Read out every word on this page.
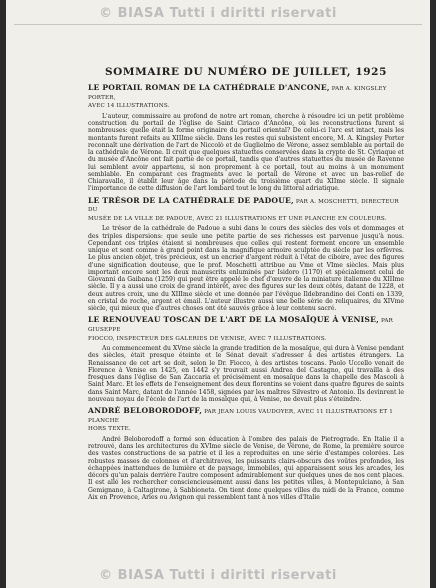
© BIASA Tutti i diritti riservati
SOMMAIRE DU NUMÉRO DE JUILLET, 1925
LE PORTAIL ROMAN DE LA CATHÉDRALE D'ANCONE, PAR A. KINGSLEY PORTER,
AVEC 14 ILLUSTRATIONS.
L'auteur, commissaire au profond de notre art roman, cherche à résoudre ici un petit problème construction du portail de l'église de Saint Ciriaco d'Ancône, où les reconstructions furent si nombreuses: quelle était la forme originaire du portail oriental? De celui-ci l'arc est intact, mais les montants furent refaits au XIIIme siècle. Dans les restes qui subsistent encore, M. A. Kingsley Porter reconnaît une dérivation de l'art de Niccolò et de Guglielmo de Vérone, assez semblable au portail de la cathédrale de Vérone. Il croit que quelques statuettes conservées dans la crypte de St. Cyriaque et du musée d'Ancône ont fait partie de ce portail, tandis que d'autres statuettes du musée de Ravenne lui semblent avoir appartenu, si non proprement à ce portail, tout au moins à un monument semblable. En comparant ces fragments avec le portail de Vérone et avec un bas-relief de Chiaravalle, il établit leur âge dans la période du troisième quart du XIIme siècle. Il signale l'importance de cette diffusion de l'art lombard tout le long du littoral adriatique.
LE TRÉSOR DE LA CATHÉDRALE DE PADOUE, PAR A. MOSCHETTI, DIRECTEUR DU
MUSÉE DE LA VILLE DE PADOUE, AVEC 21 ILLUSTRATIONS ET UNE PLANCHE EN COULEURS.
Le trésor de la cathédrale de Padoue a subi dans le cours des siècles des vols et dommages et des triples dispersions: que seule une petite partie de ses richesses est parvenue jusqu'à nous. Cependant ces triples étaient si nombreuses que celles qui restent forment encore un ensemble unique et sont comme à grand point dans la magnifique armoire sculptée du siècle par les orfèvres. Le plus ancien objet, très précieux, est un encrier d'argent réduit à l'état de ciboire, avec des figures d'une signification douteuse, que le prof. Moschetti attribue au Vme et VIme siècles. Mais plus important encore sont les deux manuscrits enluminés par Isidoro (1170) et spécialement celui de Giovanni da Gaibana (1259) qui peut être appelé le chef d'œuvre de la miniature italienne du XIIIme siècle. Il y a aussi une croix de grand intérêt, avec des figures sur les deux côtés, datant de 1228, et deux autres croix, une du XIIIme siècle et une donnée par l'évêque Ildebrandino dei Conti en 1339, en cristal de roche, argent et émail. L'auteur illustre aussi une belle série de reliquaires, du XIVme siècle, qui mieux que d'autres choses ont été sauvés grâce à leur contenu sacré.
LE RENOUVEAU TOSCAN DE L'ART DE LA MOSAÏQUE À VENISE, PAR GIUSEPPE
FIOCCO, INSPECTEUR DES GALERIES DE VENISE, AVEC 7 ILLUSTRATIONS.
Au commencement du XVme siècle la grande tradition de la mosaïque, qui dura à Venise pendant des siècles, était presque éteinte et le Sénat devait s'adresser à des artistes étrangers. La Renaissance de cet art se doit, selon le Dr. Fiocco, à des artistes toscans. Paolo Uccello venait de Florence à Venise en 1425, en 1442 s'y trouvait aussi Andrea del Castagno, qui travailla à des fresques dans l'église de San Zaccaria et précisément en mosaïque dans la chapelle des Mascoli à Saint Marc. Et les effets de l'enseignement des deux florentins se voient dans quatre figures de saints dans Saint Marc, datant de l'année 1458, signées par les maîtres Silvestro et Antonio. Ils devinrent le nouveau noyau de l'école de l'art de la mosaïque qui, à Venise, ne devait plus s'éteindre.
ANDRÉ BELOBORODOFF, PAR JEAN LOUIS VAUDOYER, AVEC 11 ILLUSTRATIONS ET 1 PLANCHE
HORS TEXTE.
André Beloborodoff a formé son éducation à l'ombre des palais de Pietrograde. En Italie il a retrouvé, dans les architectures du XVIme siècle de Venise, de Vérone, de Rome, la première source des vastes constructions de sa patrie et il les a reproduites en une série d'estampes colorées. Les robustes masses de colonnes et d'architraves, les puissants clairs-obscurs des voûtes profondes, les échappées inattendues de lumière et de paysage, immobiles, qui apparaissent sous les arcades, les décors qu'un palais derrière l'autre composent admirablement sur quelques unes de nos cent places. Il est allé les rechercher consciencieusement aussi dans les petites villes, à Montepulciano, à San Gemignano, à Caltagirone, à Sabbioneta. On tient donc quelques villes du midi de la France, comme Aix en Provence, Arles ou Avignon qui ressemblent tant à nos villes d'Italie
© BIASA Tutti i diritti riservati
